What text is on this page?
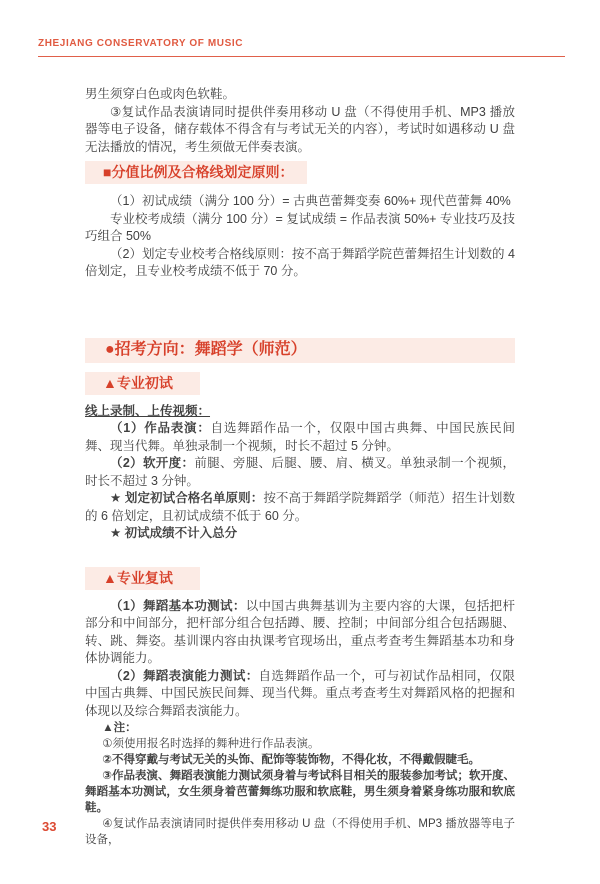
ZHEJIANG CONSERVATORY OF MUSIC

男生须穿白色或肉色软鞋。

③复试作品表演请同时提供伴奏用移动 U 盘（不得使用手机、MP3 播放器等电子设备，储存载体不得含有与考试无关的内容），考试时如遇移动 U 盘无法播放的情况，考生须做无伴奏表演。

■分值比例及合格线划定原则：

（1）初试成绩（满分 100 分）= 古典芭蕾舞变奏 60%+ 现代芭蕾舞 40%

专业校考成绩（满分 100 分）= 复试成绩 = 作品表演 50%+ 专业技巧及技巧组合 50%

（2）划定专业校考合格线原则：按不高于舞蹈学院芭蕾舞招生计划数的 4 倍划定，且专业校考成绩不低于 70 分。

●招考方向：舞蹈学（师范）
▲专业初试

线上录制、上传视频：

（1）作品表演：自选舞蹈作品一个，仅限中国古典舞、中国民族民间舞、现当代舞。单独录制一个视频，时长不超过 5 分钟。

（2）软开度：前腿、旁腿、后腿、腰、肩、横叉。单独录制一个视频，时长不超过 3 分钟。

★ 划定初试合格名单原则：按不高于舞蹈学院舞蹈学（师范）招生计划数的 6 倍划定，且初试成绩不低于 60 分。

★ 初试成绩不计入总分

▲专业复试

（1）舞蹈基本功测试：以中国古典舞基训为主要内容的大课，包括把杆部分和中间部分，把杆部分组合包括蹲、腰、控制；中间部分组合包括踢腿、转、跳、舞姿。基训课内容由执课考官现场出，重点考查考生舞蹈基本功和身体协调能力。

（2）舞蹈表演能力测试：自选舞蹈作品一个，可与初试作品相同，仅限中国古典舞、中国民族民间舞、现当代舞。重点考查考生对舞蹈风格的把握和体现以及综合舞蹈表演能力。

▲注：

①须使用报名时选择的舞种进行作品表演。

②不得穿戴与考试无关的头饰、配饰等装饰物，不得化妆，不得戴假睫毛。

③作品表演、舞蹈表演能力测试须身着与考试科目相关的服装参加考试；软开度、舞蹈基本功测试，女生须身着芭蕾舞练功服和软底鞋，男生须身着紧身练功服和软底鞋。

④复试作品表演请同时提供伴奏用移动 U 盘（不得使用手机、MP3 播放器等电子设备，

33
